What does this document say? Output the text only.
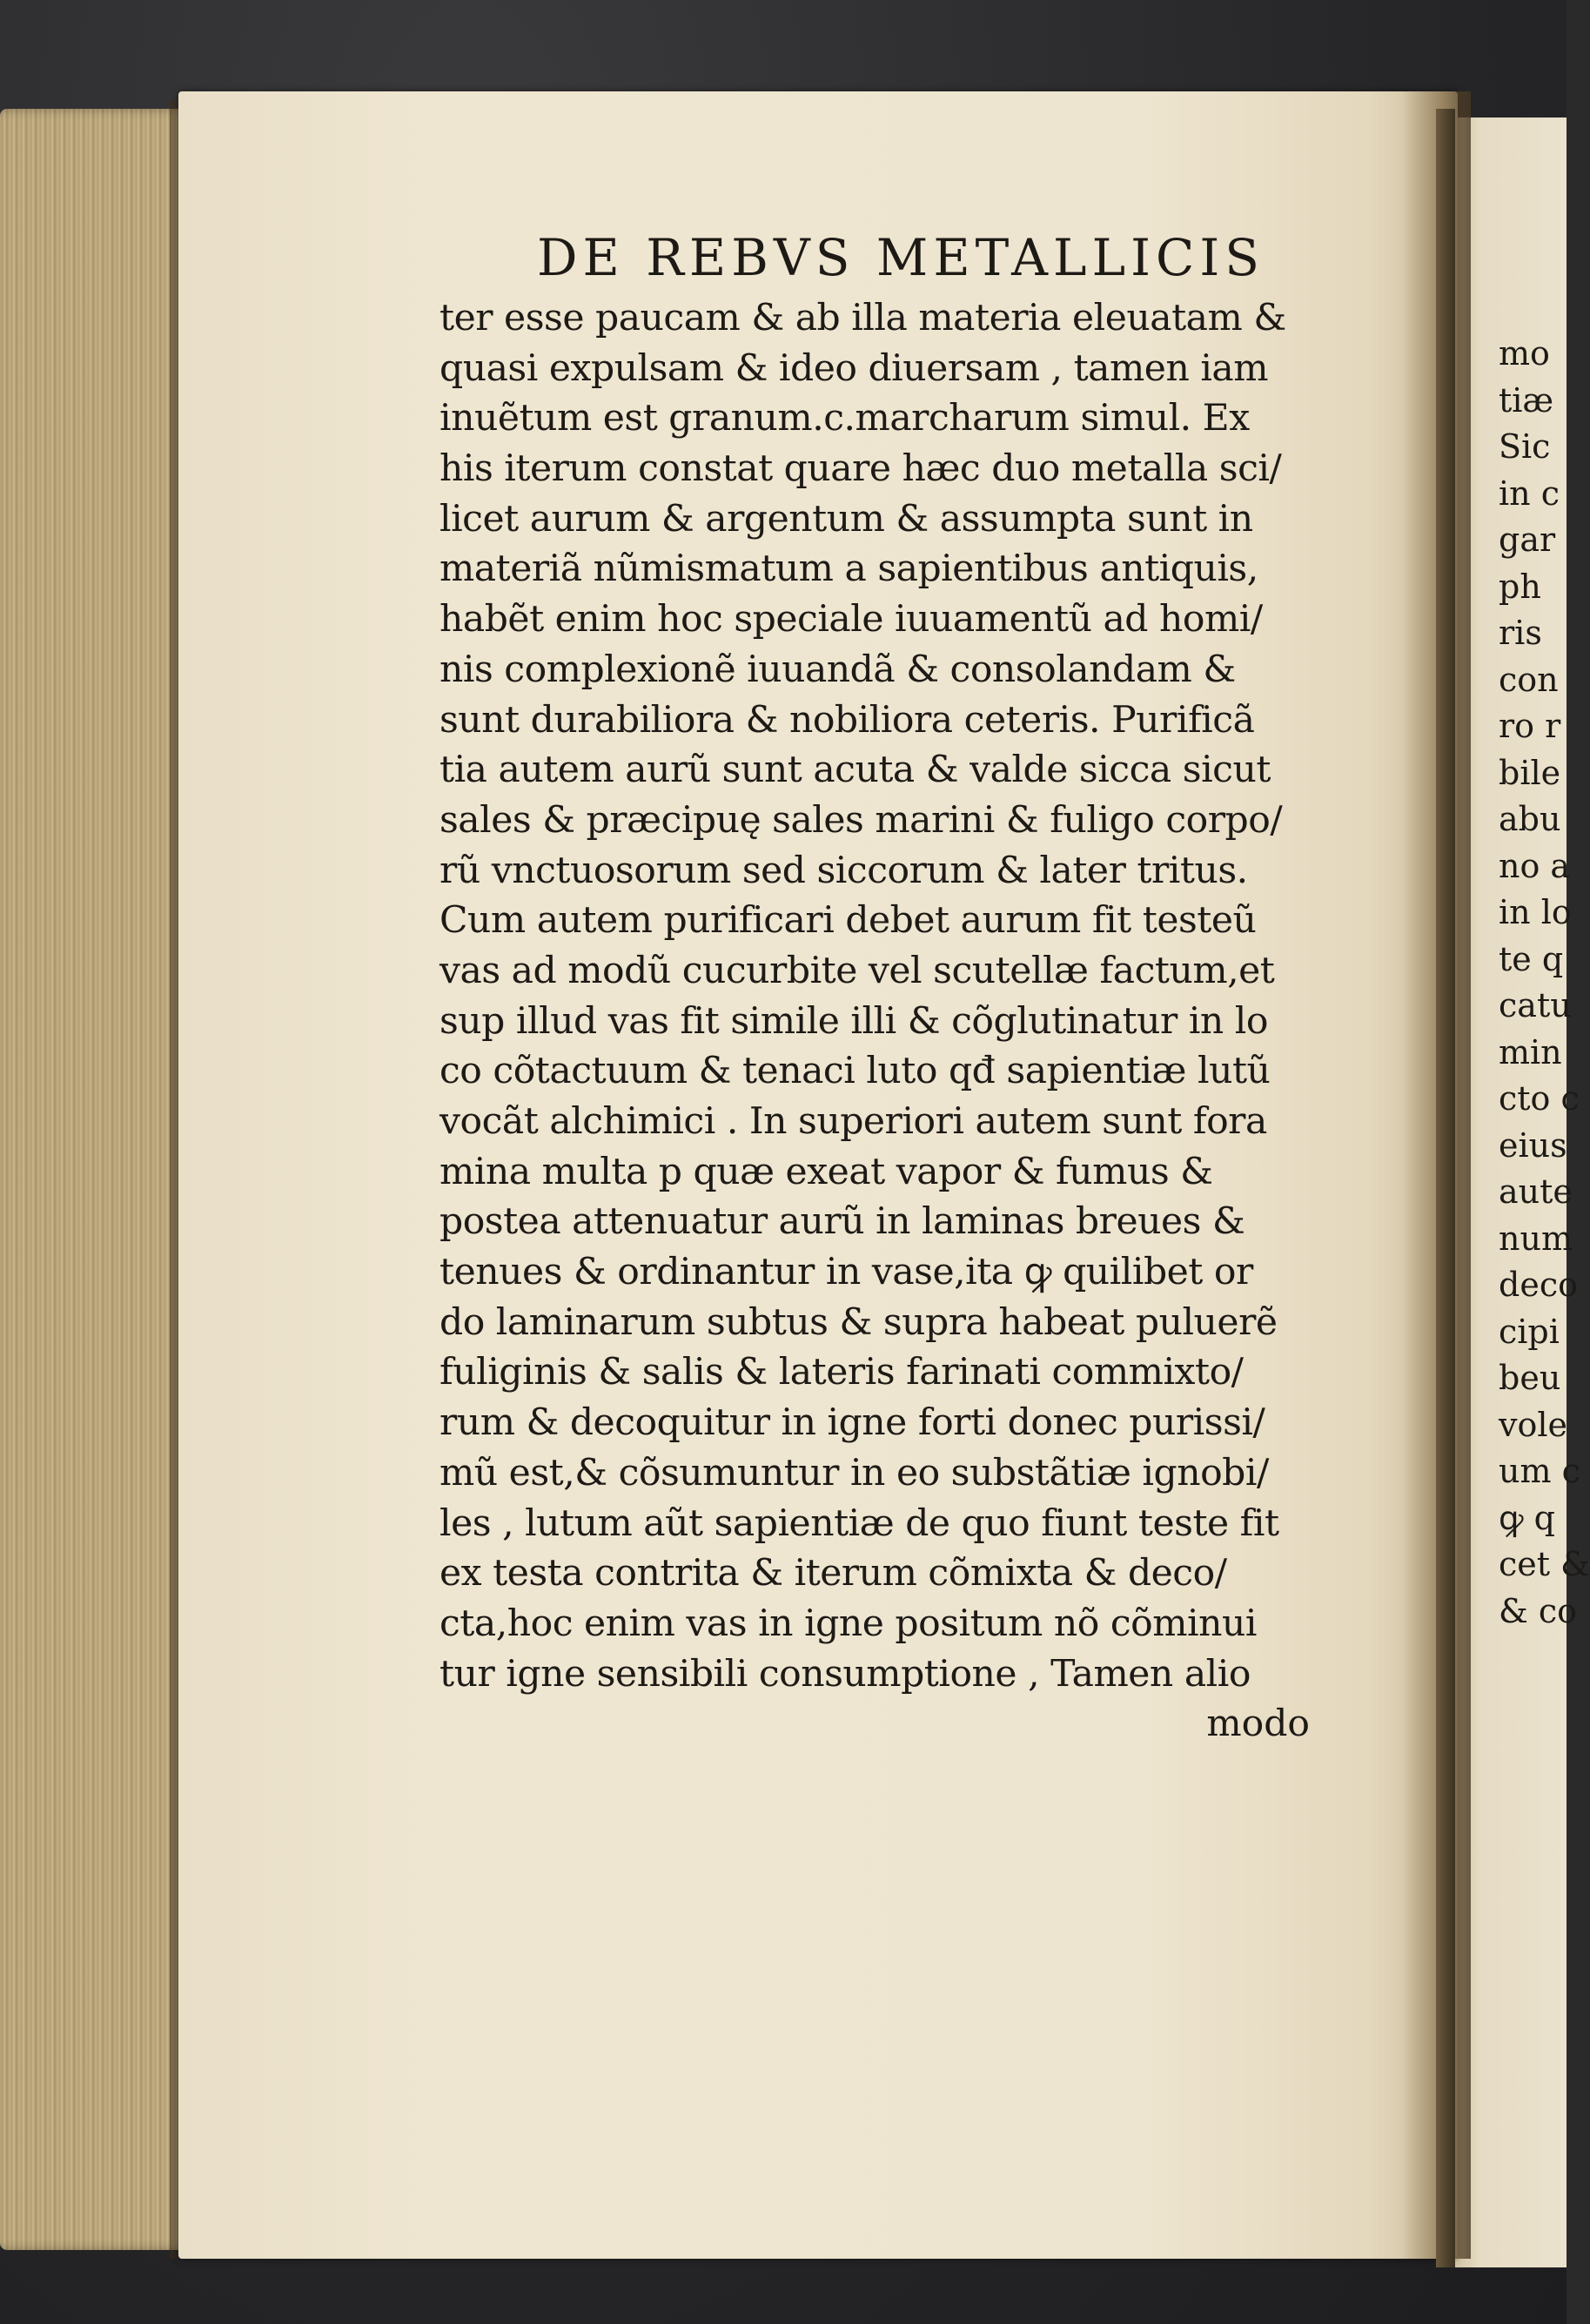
DE REBVS METALLICIS
ter esse paucam & ab illa materia eleuatam &
quasi expulsam & ideo diuersam , tamen iam
inuẽtum est granum.c.marcharum simul. Ex
his iterum constat quare hæc duo metalla sci/
licet aurum & argentum & assumpta sunt in
materiã nũmismatum a sapientibus antiquis,
habẽt enim hoc speciale iuuamentũ ad homi/
nis complexionẽ iuuandã & consolandam &
sunt durabiliora & nobiliora ceteris. Purificã
tia autem aurũ sunt acuta & valde sicca sicut
sales & præcipuę sales marini & fuligo corpo/
rũ vnctuosorum sed siccorum & later tritus.
Cum autem purificari debet aurum fit testeũ
vas ad modũ cucurbite vel scutellæ factum,et
sup illud vas fit simile illi & cõglutinatur in lo
co cõtactuum & tenaci luto qđ sapientiæ lutũ
vocãt alchimici . In superiori autem sunt fora
mina multa p quæ exeat vapor & fumus &
postea attenuatur aurũ in laminas breues &
tenues & ordinantur in vase,ita ꝙ quilibet or
do laminarum subtus & supra habeat puluerẽ
fuliginis & salis & lateris farinati commixto/
rum & decoquitur in igne forti donec purissi/
mũ est,& cõsumuntur in eo substãtiæ ignobi/
les , lutum aũt sapientiæ de quo fiunt teste fit
ex testa contrita & iterum cõmixta & deco/
cta,hoc enim vas in igne positum nõ cõminui
tur igne sensibili consumptione , Tamen alio
modo
mo
tiæ
Sic
in c
gar
ph
ris
con
ro r
bile
abu
no a
in lo
te q
catu
min
cto c
eius
aute
num
deco
cipi
beu
vole
um c
ꝙ q
cet &
& co
